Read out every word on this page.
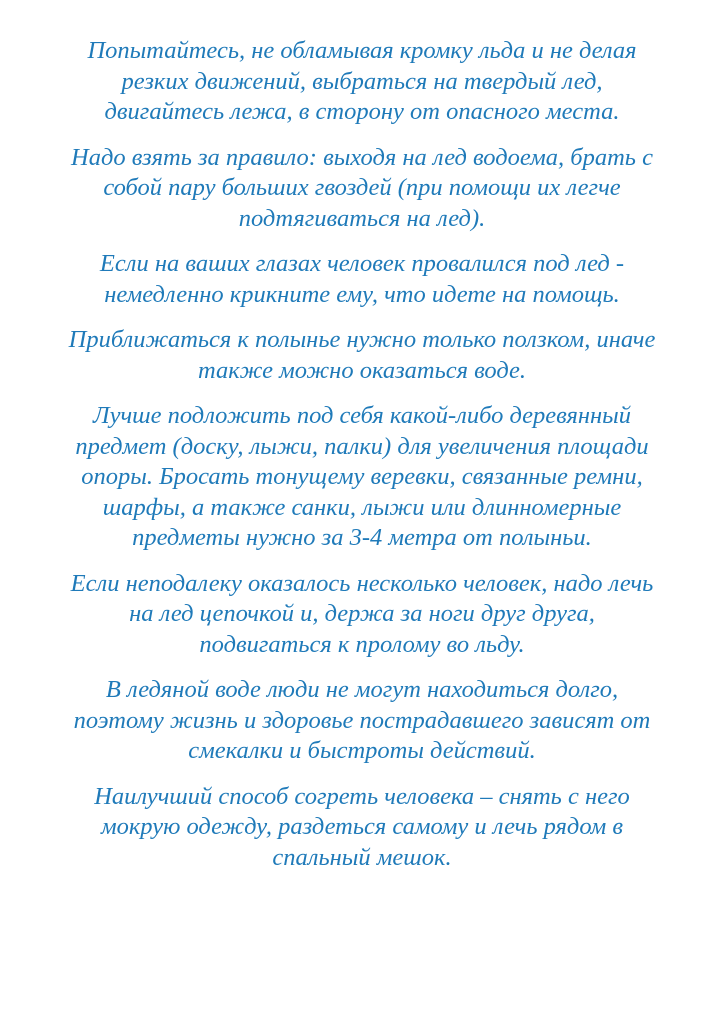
Попытайтесь, не обламывая кромку льда и не делая
резких движений, выбраться на твердый лед,
двигайтесь лежа, в сторону от опасного места.

Надо взять за правило: выходя на лед водоема, брать с
собой пару больших гвоздей (при помощи их легче
подтягиваться на лед).

Если на ваших глазах человек провалился под лед -
немедленно крикните ему, что идете на помощь.

Приближаться к полынье нужно только ползком, иначе
также можно оказаться воде.

Лучше подложить под себя какой-либо деревянный
предмет (доску, лыжи, палки) для увеличения площади
опоры. Бросать тонущему веревки, связанные ремни,
шарфы, а также санки, лыжи или длинномерные
предметы нужно за 3-4 метра от полыньи.

Если неподалеку оказалось несколько человек, надо лечь
на лед цепочкой и, держа за ноги друг друга,
подвигаться к пролому во льду.

В ледяной воде люди не могут находиться долго,
поэтому жизнь и здоровье пострадавшего зависят от
смекалки и быстроты действий.

Наилучший способ согреть человека – снять с него
мокрую одежду, раздеться самому и лечь рядом в
спальный мешок.
